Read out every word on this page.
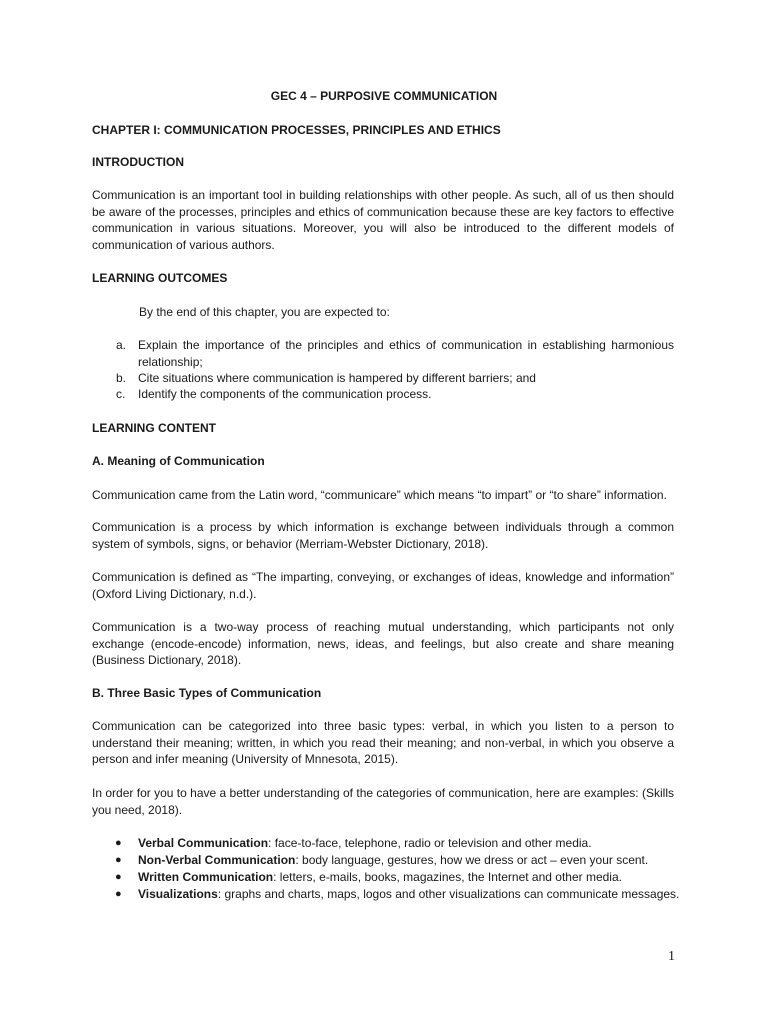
GEC 4 – PURPOSIVE COMMUNICATION
CHAPTER I: COMMUNICATION PROCESSES, PRINCIPLES AND ETHICS
INTRODUCTION
Communication is an important tool in building relationships with other people. As such, all of us then should be aware of the processes, principles and ethics of communication because these are key factors to effective communication in various situations. Moreover, you will also be introduced to the different models of communication of various authors.
LEARNING OUTCOMES
By the end of this chapter, you are expected to:
a. Explain the importance of the principles and ethics of communication in establishing harmonious relationship;
b. Cite situations where communication is hampered by different barriers; and
c. Identify the components of the communication process.
LEARNING CONTENT
A. Meaning of Communication
Communication came from the Latin word, “communicare” which means “to impart” or “to share” information.
Communication is a process by which information is exchange between individuals through a common system of symbols, signs, or behavior (Merriam-Webster Dictionary, 2018).
Communication is defined as “The imparting, conveying, or exchanges of ideas, knowledge and information” (Oxford Living Dictionary, n.d.).
Communication is a two-way process of reaching mutual understanding, which participants not only exchange (encode-encode) information, news, ideas, and feelings, but also create and share meaning (Business Dictionary, 2018).
B. Three Basic Types of Communication
Communication can be categorized into three basic types: verbal, in which you listen to a person to understand their meaning; written, in which you read their meaning; and non-verbal, in which you observe a person and infer meaning (University of Mnnesota, 2015).
In order for you to have a better understanding of the categories of communication, here are examples: (Skills you need, 2018).
● Verbal Communication: face-to-face, telephone, radio or television and other media.
● Non-Verbal Communication: body language, gestures, how we dress or act – even your scent.
● Written Communication: letters, e-mails, books, magazines, the Internet and other media.
● Visualizations: graphs and charts, maps, logos and other visualizations can communicate messages.
1
